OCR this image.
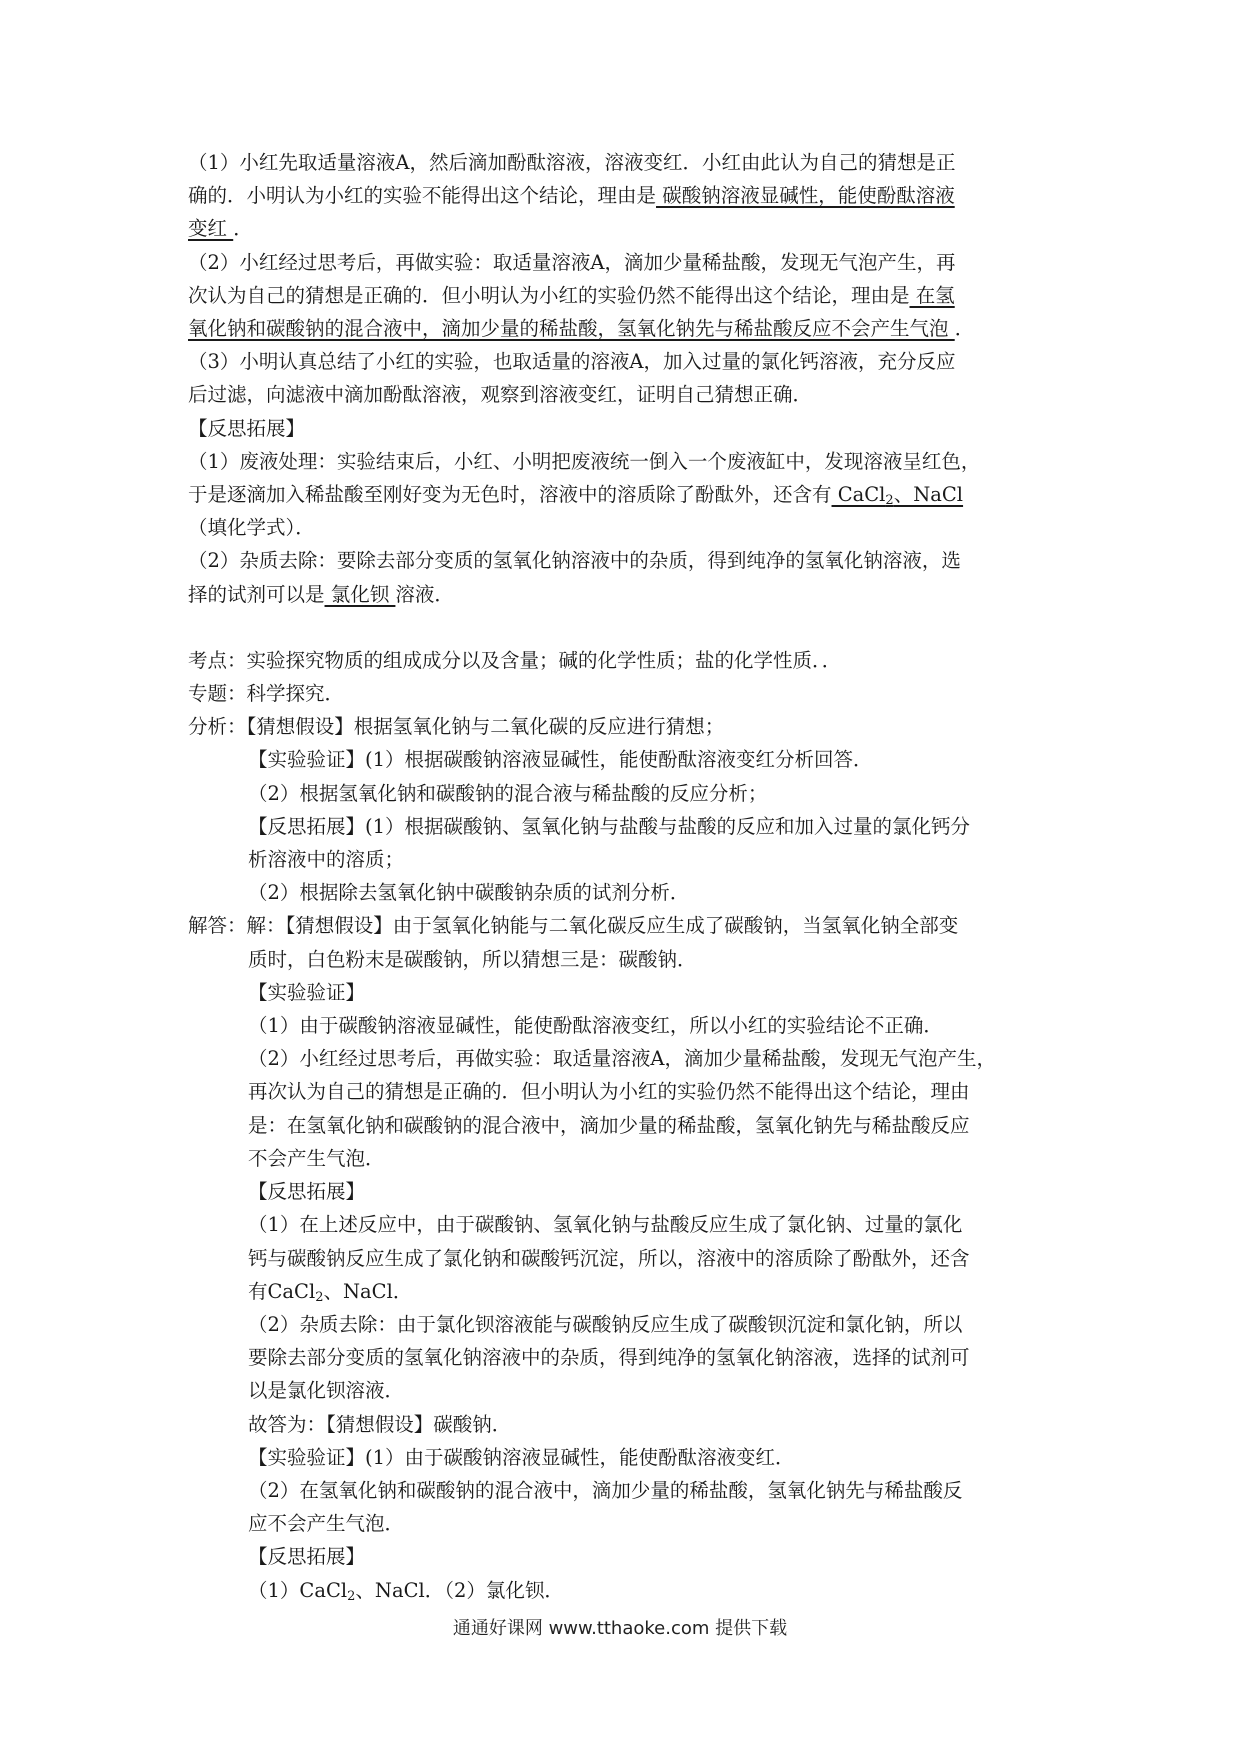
（1）小红先取适量溶液A，然后滴加酚酞溶液，溶液变红．小红由此认为自己的猜想是正

确的．小明认为小红的实验不能得出这个结论，理由是 碳酸钠溶液显碱性，能使酚酞溶液

变红 ．

（2）小红经过思考后，再做实验：取适量溶液A，滴加少量稀盐酸，发现无气泡产生，再

次认为自己的猜想是正确的．但小明认为小红的实验仍然不能得出这个结论，理由是 在氢

氧化钠和碳酸钠的混合液中，滴加少量的稀盐酸，氢氧化钠先与稀盐酸反应不会产生气泡 ．

（3）小明认真总结了小红的实验，也取适量的溶液A，加入过量的氯化钙溶液，充分反应

后过滤，向滤液中滴加酚酞溶液，观察到溶液变红，证明自己猜想正确．

【反思拓展】

（1）废液处理：实验结束后，小红、小明把废液统一倒入一个废液缸中，发现溶液呈红色，

于是逐滴加入稀盐酸至刚好变为无色时，溶液中的溶质除了酚酞外，还含有 CaCl$_2$、NaCl

（填化学式）．

（2）杂质去除：要除去部分变质的氢氧化钠溶液中的杂质，得到纯净的氢氧化钠溶液，选

择的试剂可以是 氯化钡 溶液．

考点：实验探究物质的组成成分以及含量；碱的化学性质；盐的化学性质．．

专题：科学探究．

分析：【猜想假设】根据氢氧化钠与二氧化碳的反应进行猜想；

【实验验证】(1）根据碳酸钠溶液显碱性，能使酚酞溶液变红分析回答．

（2）根据氢氧化钠和碳酸钠的混合液与稀盐酸的反应分析；

【反思拓展】(1）根据碳酸钠、氢氧化钠与盐酸与盐酸的反应和加入过量的氯化钙分

析溶液中的溶质；

（2）根据除去氢氧化钠中碳酸钠杂质的试剂分析．

解答：解：【猜想假设】由于氢氧化钠能与二氧化碳反应生成了碳酸钠，当氢氧化钠全部变

质时，白色粉末是碳酸钠，所以猜想三是：碳酸钠．

【实验验证】

（1）由于碳酸钠溶液显碱性，能使酚酞溶液变红，所以小红的实验结论不正确．

（2）小红经过思考后，再做实验：取适量溶液A，滴加少量稀盐酸，发现无气泡产生，

再次认为自己的猜想是正确的．但小明认为小红的实验仍然不能得出这个结论，理由

是：在氢氧化钠和碳酸钠的混合液中，滴加少量的稀盐酸，氢氧化钠先与稀盐酸反应

不会产生气泡．

【反思拓展】

（1）在上述反应中，由于碳酸钠、氢氧化钠与盐酸反应生成了氯化钠、过量的氯化

钙与碳酸钠反应生成了氯化钠和碳酸钙沉淀，所以，溶液中的溶质除了酚酞外，还含

有CaCl$_2$、NaCl．

（2）杂质去除：由于氯化钡溶液能与碳酸钠反应生成了碳酸钡沉淀和氯化钠，所以

要除去部分变质的氢氧化钠溶液中的杂质，得到纯净的氢氧化钠溶液，选择的试剂可

以是氯化钡溶液．

故答为：【猜想假设】碳酸钠．

【实验验证】(1）由于碳酸钠溶液显碱性，能使酚酞溶液变红．

（2）在氢氧化钠和碳酸钠的混合液中，滴加少量的稀盐酸，氢氧化钠先与稀盐酸反

应不会产生气泡．

【反思拓展】

（1）CaCl$_2$、NaCl．（2）氯化钡．

通通好课网 www.tthaoke.com 提供下载
